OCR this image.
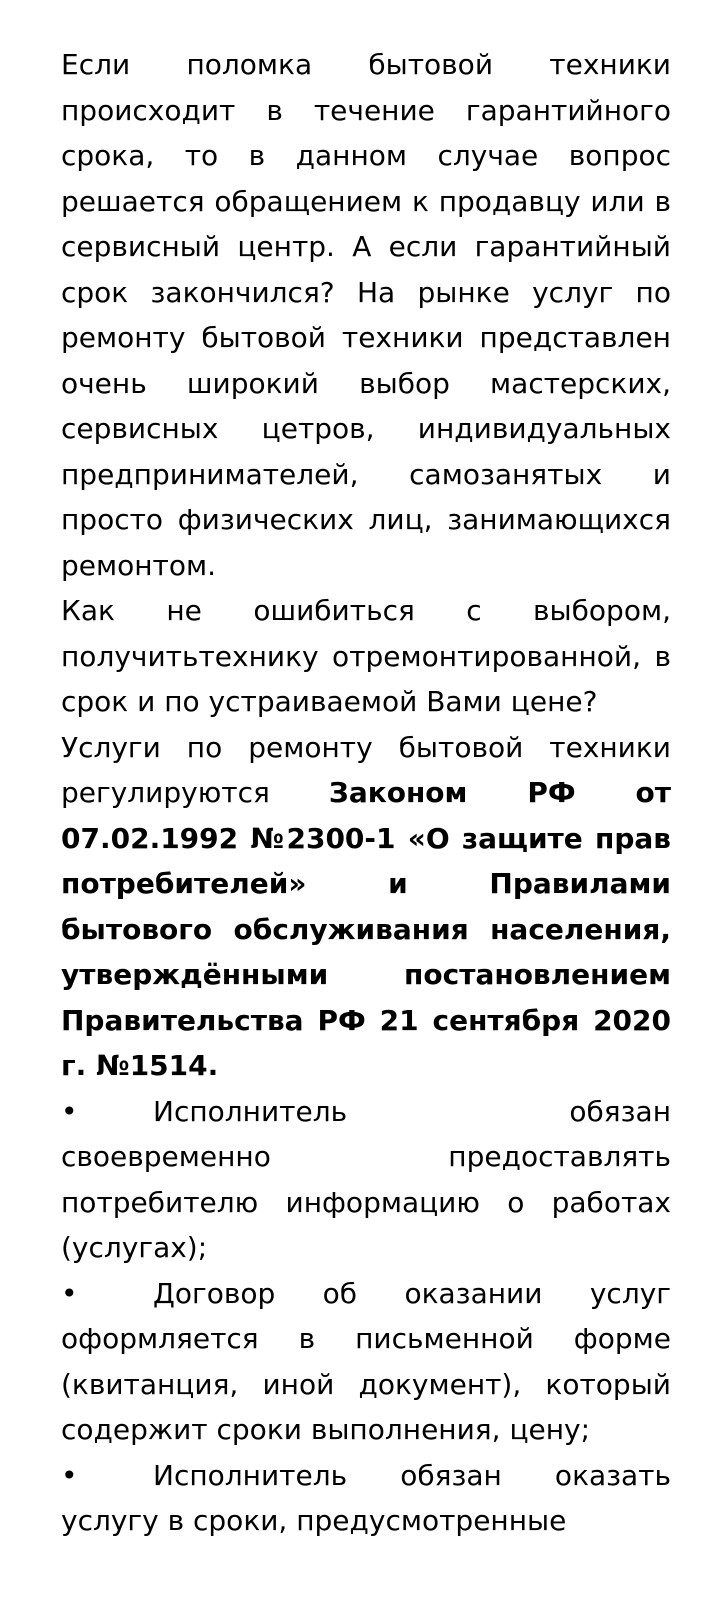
Если поломка бытовой техники происходит в течение гарантийного срока, то в данном случае вопрос решается обращением к продавцу или в сервисный центр. А если гарантийный срок закончился? На рынке услуг по ремонту бытовой техники представлен очень широкий выбор мастерских, сервисных цетров, индивидуальных предпринимателей, самозанятых и просто физических лиц, занимающихся ремонтом.

Как не ошибиться с выбором, получитьтехнику отремонтированной, в срок и по устраиваемой Вами цене?

Услуги по ремонту бытовой техники регулируются Законом РФ от 07.02.1992 №2300-1 «О защите прав потребителей» и Правилами бытового обслуживания населения, утверждёнными постановлением Правительства РФ 21 сентября 2020 г. №1514.

•	Исполнитель обязан своевременно предоставлять потребителю информацию о работах (услугах);

•	Договор об оказании услуг оформляется в письменной форме (квитанция, иной документ), который содержит сроки выполнения, цену;

•	Исполнитель обязан оказать услугу в сроки, предусмотренные
